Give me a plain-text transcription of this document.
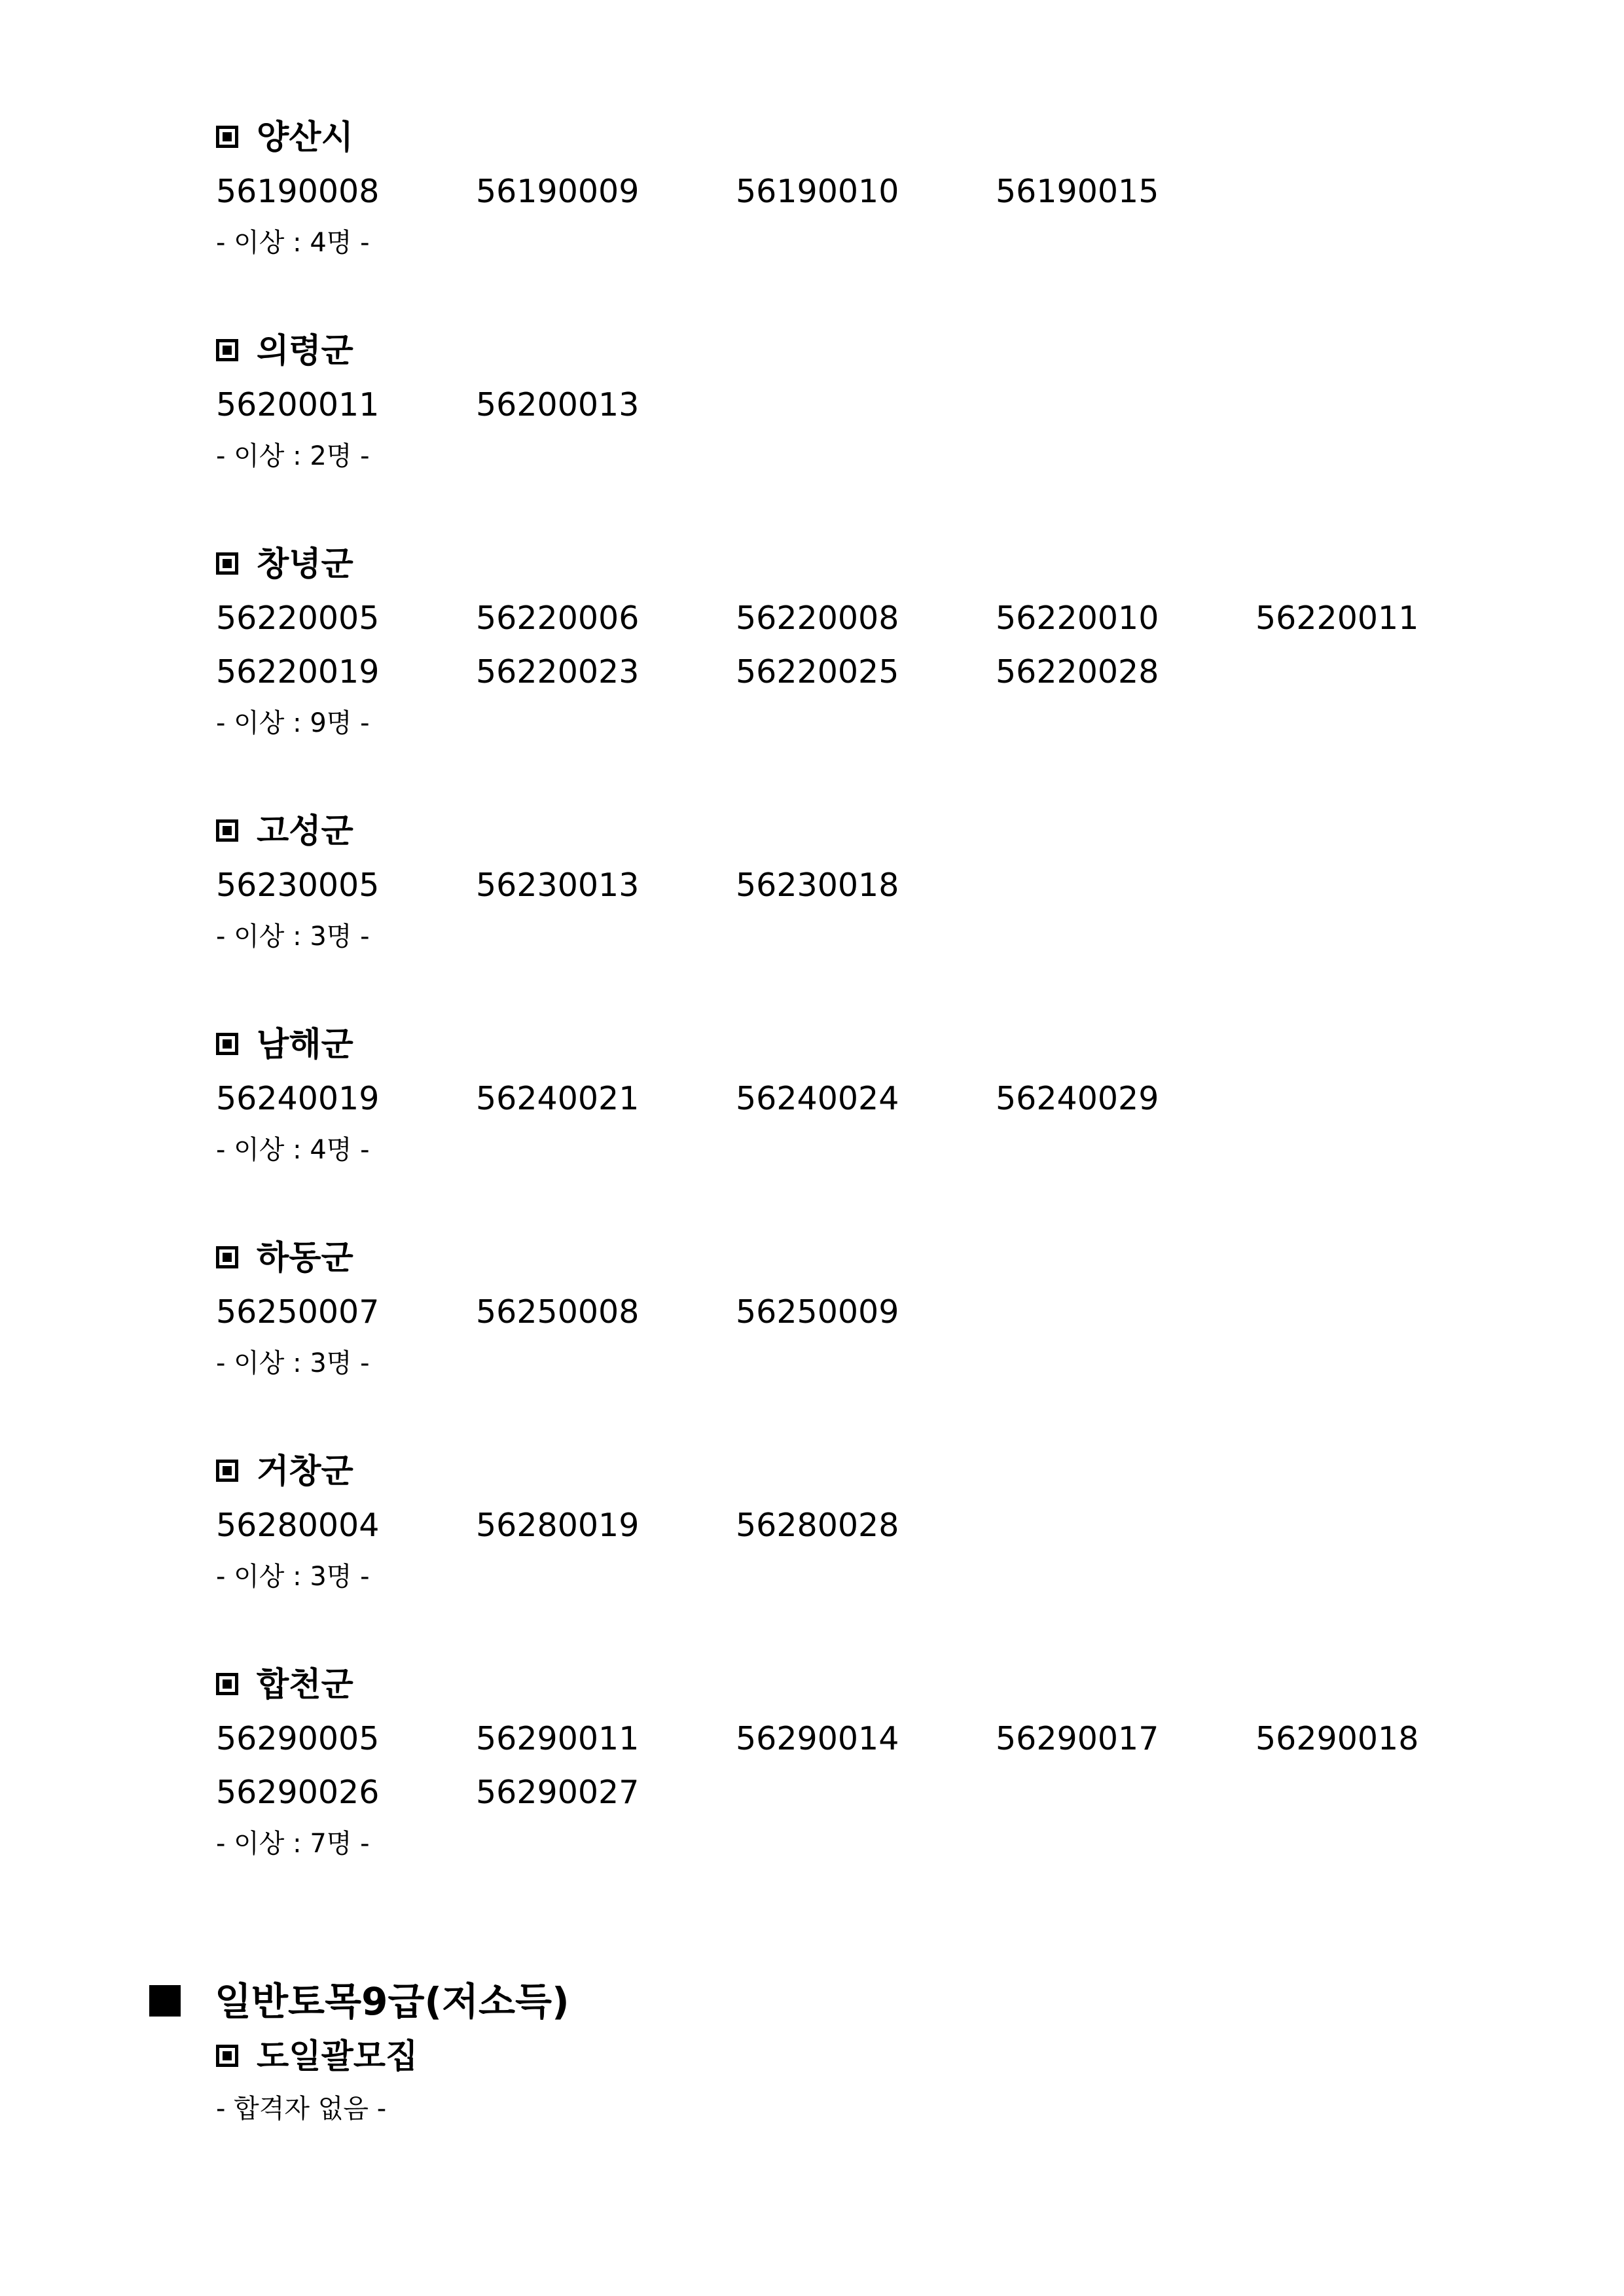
양산시
56190008	56190009	56190010	56190015
- 이상 : 4명 -
의령군
56200011	56200013
- 이상 : 2명 -
창녕군
56220005	56220006	56220008	56220010	56220011
56220019	56220023	56220025	56220028
- 이상 : 9명 -
고성군
56230005	56230013	56230018
- 이상 : 3명 -
남해군
56240019	56240021	56240024	56240029
- 이상 : 4명 -
하동군
56250007	56250008	56250009
- 이상 : 3명 -
거창군
56280004	56280019	56280028
- 이상 : 3명 -
합천군
56290005	56290011	56290014	56290017	56290018
56290026	56290027
- 이상 : 7명 -
일반토목9급(저소득)
도일괄모집
- 합격자 없음 -
